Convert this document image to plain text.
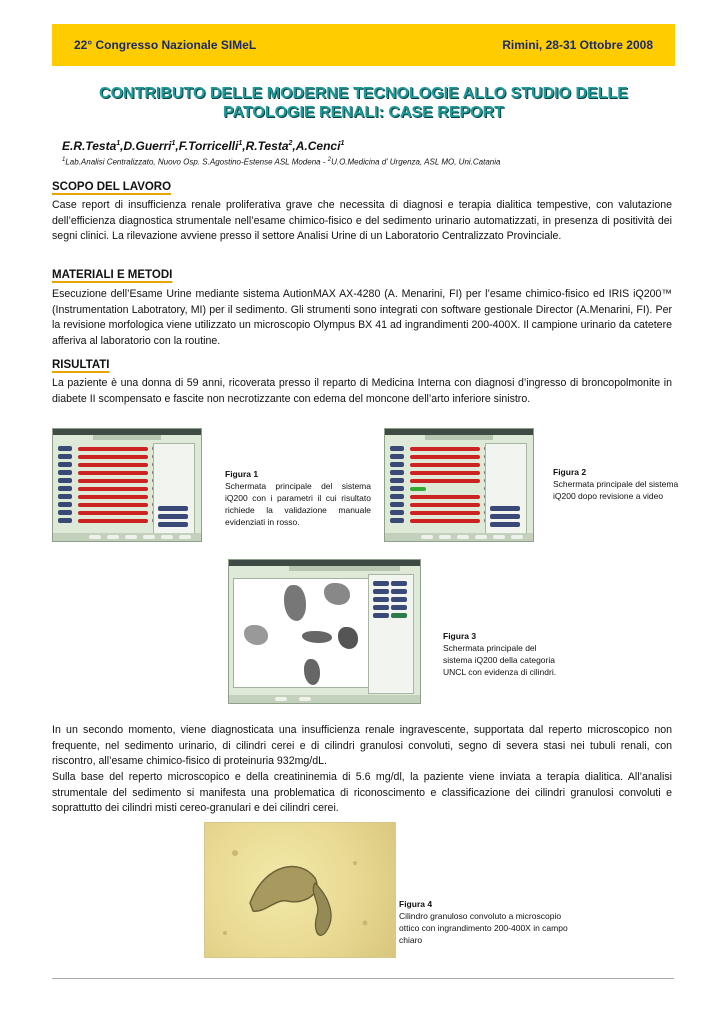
22° Congresso Nazionale SIMeL	Rimini, 28-31 Ottobre 2008
CONTRIBUTO DELLE MODERNE TECNOLOGIE ALLO STUDIO DELLE
PATOLOGIE RENALI: CASE REPORT
E.R.Testa$^1$,D.Guerri$^1$,F.Torricelli$^1$,R.Testa$^2$,A.Cenci$^1$
$^1$Lab.Analisi Centralizzato, Nuovo Osp. S.Agostino-Estense ASL Modena - $^2$U.O.Medicina d’ Urgenza, ASL MO, Uni.Catania
SCOPO DEL LAVORO
Case report di insufficienza renale proliferativa grave che necessita di diagnosi e terapia dialitica tempestive, con valutazione dell’efficienza diagnostica strumentale nell’esame chimico-fisico e del sedimento urinario automatizzati, in presenza di positività dei segni clinici. La rilevazione avviene presso il settore Analisi Urine di un Laboratorio Centralizzato Provinciale.
MATERIALI E METODI
Esecuzione dell’Esame Urine mediante sistema AutionMAX AX-4280 (A. Menarini, FI) per l’esame chimico-fisico ed IRIS iQ200™ (Instrumentation Labotratory, MI) per il sedimento. Gli strumenti sono integrati con software gestionale Director (A.Menarini, FI). Per la revisione morfologica viene utilizzato un microscopio Olympus BX 41 ad ingrandimenti 200-400X. Il campione urinario da catetere afferiva al laboratorio con la routine.
RISULTATI
La paziente è una donna di 59 anni, ricoverata presso il reparto di Medicina Interna con diagnosi d’ingresso di broncopolmonite in diabete II scompensato e fascite non necrotizzante con edema del moncone dell’arto inferiore sinistro.
Figura 1
Schermata principale del sistema iQ200 con i parametri il cui risultato richiede la validazione manuale evidenziati in rosso.
Figura 2
Schermata principale del sistema iQ200 dopo revisione a video
Figura 3
Schermata principale del sistema iQ200 della categoria UNCL con evidenza di cilindri.
In un secondo momento, viene diagnosticata una insufficienza renale ingravescente, supportata dal reperto microscopico non frequente, nel sedimento urinario, di cilindri cerei e di cilindri granulosi convoluti, segno di severa stasi nei tubuli renali, con riscontro, all’esame chimico-fisico di proteinuria 932mg/dL.
Sulla base del reperto microscopico e della creatininemia di 5.6 mg/dl, la paziente viene inviata a terapia dialitica. All’analisi strumentale del sedimento si manifesta una problematica di riconoscimento e classificazione dei cilindri granulosi convoluti e soprattutto dei cilindri misti cereo-granulari e dei cilindri cerei.
Figura 4
Cilindro granuloso convoluto a microscopio ottico con ingrandimento 200-400X in campo chiaro
